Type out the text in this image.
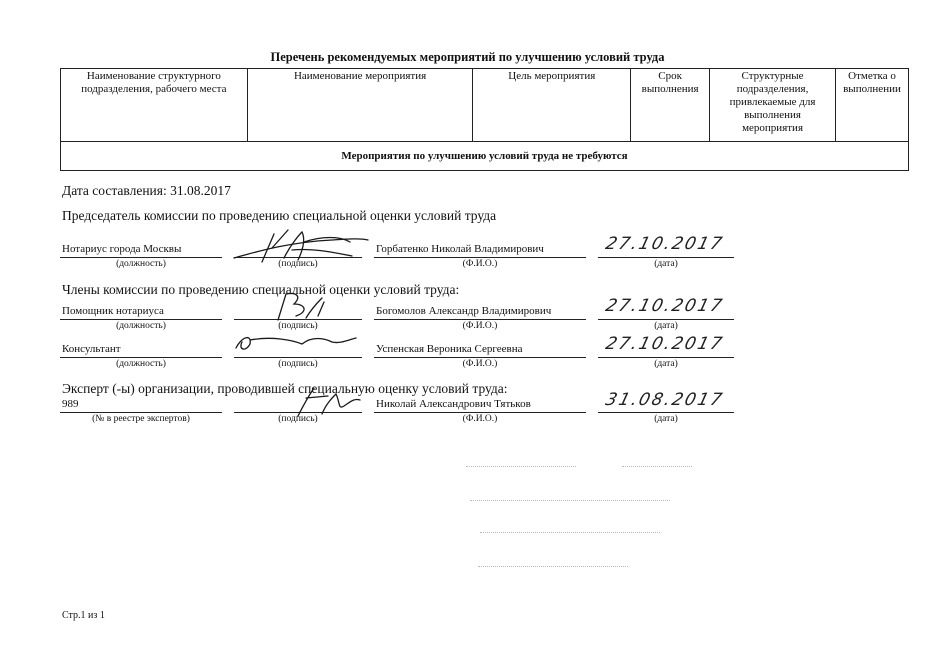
Перечень рекомендуемых мероприятий по улучшению условий труда
Наименование структурного подразделения, рабочего места	Наименование мероприятия	Цель мероприятия	Срок выполнения	Структурные подразделения, привлекаемые для выполнения мероприятия	Отметка о выполнении
Мероприятия по улучшению условий труда не требуются
Дата составления: 31.08.2017
Председатель комиссии по проведению специальной оценки условий труда
Нотариус города Москвы	Горбатенко Николай Владимирович	27.10.2017
(должность)	(подпись)	(Ф.И.О.)	(дата)
Члены комиссии по проведению специальной оценки условий труда:
Помощник нотариуса	Богомолов Александр Владимирович	27.10.2017
(должность)	(подпись)	(Ф.И.О.)	(дата)
Консультант	Успенская Вероника Сергеевна	27.10.2017
(должность)	(подпись)	(Ф.И.О.)	(дата)
Эксперт (-ы) организации, проводившей специальную оценку условий труда:
989	Николай Александрович Тятьков	31.08.2017
(№ в реестре экспертов)	(подпись)	(Ф.И.О.)	(дата)
Стр.1 из 1
